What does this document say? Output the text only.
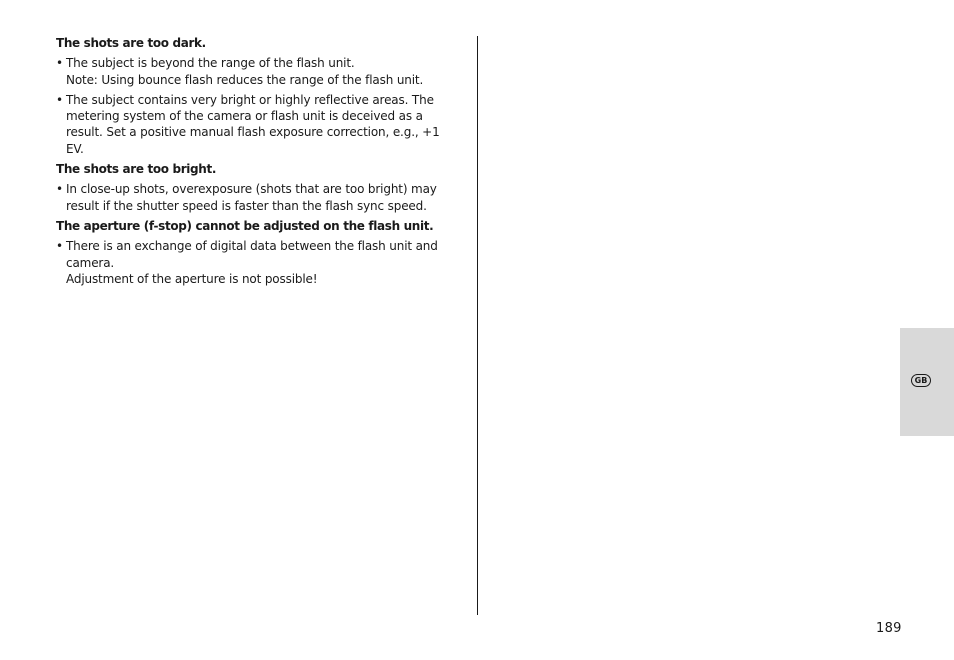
The shots are too dark.
• The subject is beyond the range of the flash unit.
Note: Using bounce flash reduces the range of the flash unit.
• The subject contains very bright or highly reflective areas. The metering system of the camera or flash unit is deceived as a result. Set a positive manual flash exposure correction, e.g., +1 EV.
The shots are too bright.
• In close-up shots, overexposure (shots that are too bright) may result if the shutter speed is faster than the flash sync speed.
The aperture (f-stop) cannot be adjusted on the flash unit.
• There is an exchange of digital data between the flash unit and camera.
Adjustment of the aperture is not possible!
GB
189
